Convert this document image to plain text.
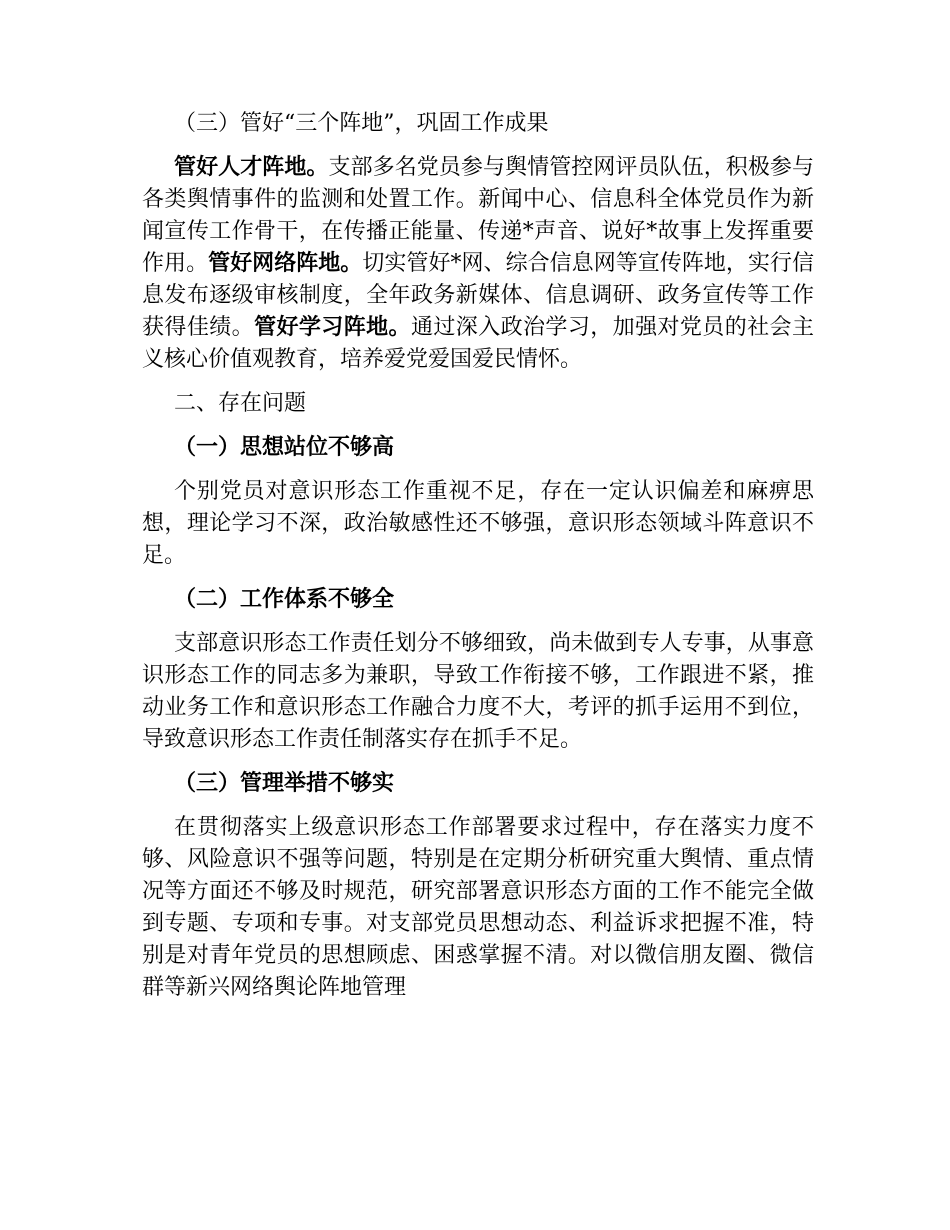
（三）管好“三个阵地”，巩固工作成果

管好人才阵地。支部多名党员参与舆情管控网评员队伍，积极参与各类舆情事件的监测和处置工作。新闻中心、信息科全体党员作为新闻宣传工作骨干，在传播正能量、传递*声音、说好*故事上发挥重要作用。管好网络阵地。切实管好*网、综合信息网等宣传阵地，实行信息发布逐级审核制度，全年政务新媒体、信息调研、政务宣传等工作获得佳绩。管好学习阵地。通过深入政治学习，加强对党员的社会主义核心价值观教育，培养爱党爱国爱民情怀。

二、存在问题

（一）思想站位不够高

个别党员对意识形态工作重视不足，存在一定认识偏差和麻痹思想，理论学习不深，政治敏感性还不够强，意识形态领域斗阵意识不足。

（二）工作体系不够全

支部意识形态工作责任划分不够细致，尚未做到专人专事，从事意识形态工作的同志多为兼职，导致工作衔接不够，工作跟进不紧，推动业务工作和意识形态工作融合力度不大，考评的抓手运用不到位，导致意识形态工作责任制落实存在抓手不足。

（三）管理举措不够实

在贯彻落实上级意识形态工作部署要求过程中，存在落实力度不够、风险意识不强等问题，特别是在定期分析研究重大舆情、重点情况等方面还不够及时规范，研究部署意识形态方面的工作不能完全做到专题、专项和专事。对支部党员思想动态、利益诉求把握不准，特别是对青年党员的思想顾虑、困惑掌握不清。对以微信朋友圈、微信群等新兴网络舆论阵地管理
